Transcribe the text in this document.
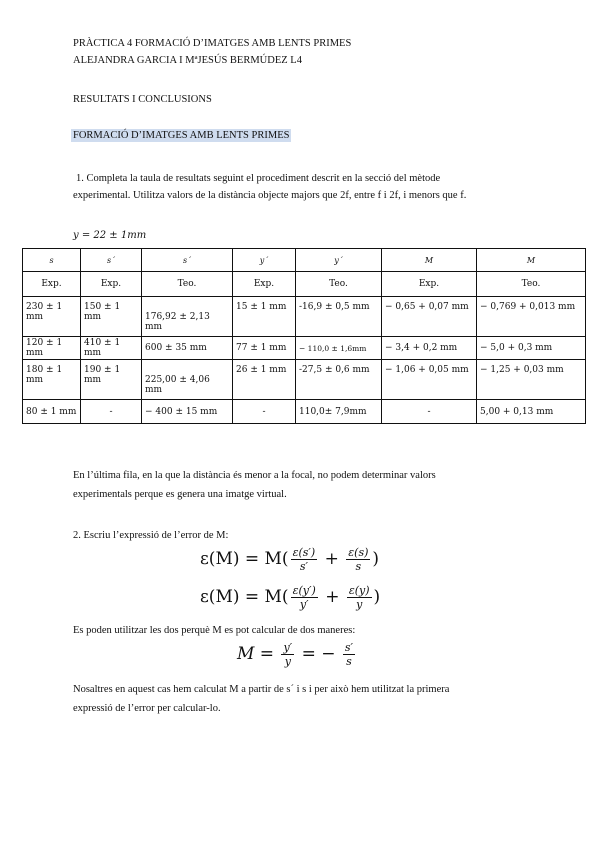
PRÀCTICA 4 FORMACIÓ D’IMATGES AMB LENTS PRIMES
ALEJANDRA GARCIA I MªJESÚS BERMÚDEZ L4
RESULTATS I CONCLUSIONS
FORMACIÓ D’IMATGES AMB LENTS PRIMES
1. Completa la taula de resultats seguint el procediment descrit en la secció del mètode
experimental. Utilitza valors de la distància objecte majors que 2f, entre f i 2f, i menors que f.
y = 22 ± 1mm
s	s´	s´	y´	y´	M	M
Exp.	Exp.	Teo.	Exp.	Teo.	Exp.	Teo.
230 ± 1 mm	150 ± 1 mm	176,92 ± 2,13 mm	15 ± 1 mm	-16,9 ± 0,5 mm	− 0,65 + 0,07 mm	− 0,769 + 0,013 mm
120 ± 1 mm	410 ± 1 mm	600 ± 35 mm	77 ± 1 mm	− 110,0 ± 1,6mm	− 3,4 + 0,2 mm	− 5,0 + 0,3 mm
180 ± 1 mm	190 ± 1 mm	225,00 ± 4,06 mm	26 ± 1 mm	-27,5 ± 0,6 mm	− 1,06 + 0,05 mm	− 1,25 + 0,03 mm
80 ± 1 mm	-	− 400 ± 15 mm	-	110,0± 7,9mm	-	5,00 + 0,13 mm
En l’última fila, en la que la distància és menor a la focal, no podem determinar valors
experimentals perque es genera una imatge virtual.
2. Escriu l’expressió de l’error de M:
$\varepsilon(M) = M( \frac{\varepsilon(s')}{s'} + \frac{\varepsilon(s)}{s}$ )
$\varepsilon(M) = M( \frac{\varepsilon(y')}{y'} + \frac{\varepsilon(y)}{y}$ )
Es poden utilitzar les dos perquè M es pot calcular de dos maneres:
$M = \frac{y'}{y}$ = − $\frac{s'}{s}$
Nosaltres en aquest cas hem calculat M a partir de s´ i s i per això hem utilitzat la primera
expressió de l’error per calcular-lo.
